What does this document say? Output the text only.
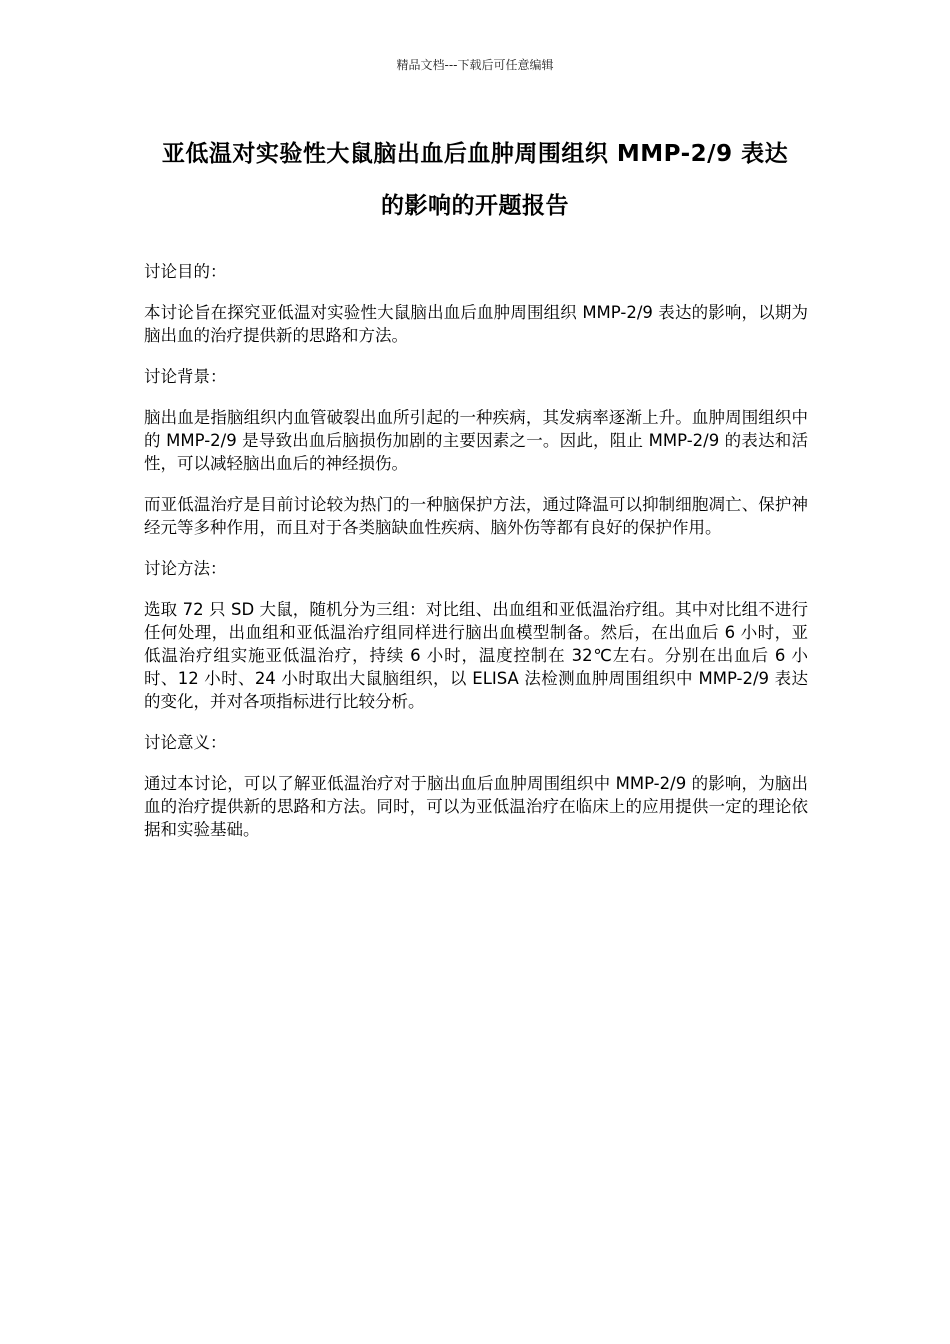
精品文档---下载后可任意编辑
亚低温对实验性大鼠脑出血后血肿周围组织 MMP-2/9 表达
的影响的开题报告

讨论目的：

本讨论旨在探究亚低温对实验性大鼠脑出血后血肿周围组织 MMP-2/9 表达的影响，以期为脑出血的治疗提供新的思路和方法。

讨论背景：

脑出血是指脑组织内血管破裂出血所引起的一种疾病，其发病率逐渐上升。血肿周围组织中的 MMP-2/9 是导致出血后脑损伤加剧的主要因素之一。因此，阻止 MMP-2/9 的表达和活性，可以减轻脑出血后的神经损伤。

而亚低温治疗是目前讨论较为热门的一种脑保护方法，通过降温可以抑制细胞凋亡、保护神经元等多种作用，而且对于各类脑缺血性疾病、脑外伤等都有良好的保护作用。

讨论方法：

选取 72 只 SD 大鼠，随机分为三组：对比组、出血组和亚低温治疗组。其中对比组不进行任何处理，出血组和亚低温治疗组同样进行脑出血模型制备。然后，在出血后 6 小时，亚低温治疗组实施亚低温治疗，持续 6 小时，温度控制在 32℃左右。分别在出血后 6 小时、12 小时、24 小时取出大鼠脑组织，以 ELISA 法检测血肿周围组织中 MMP-2/9 表达的变化，并对各项指标进行比较分析。

讨论意义：

通过本讨论，可以了解亚低温治疗对于脑出血后血肿周围组织中 MMP-2/9 的影响，为脑出血的治疗提供新的思路和方法。同时，可以为亚低温治疗在临床上的应用提供一定的理论依据和实验基础。
